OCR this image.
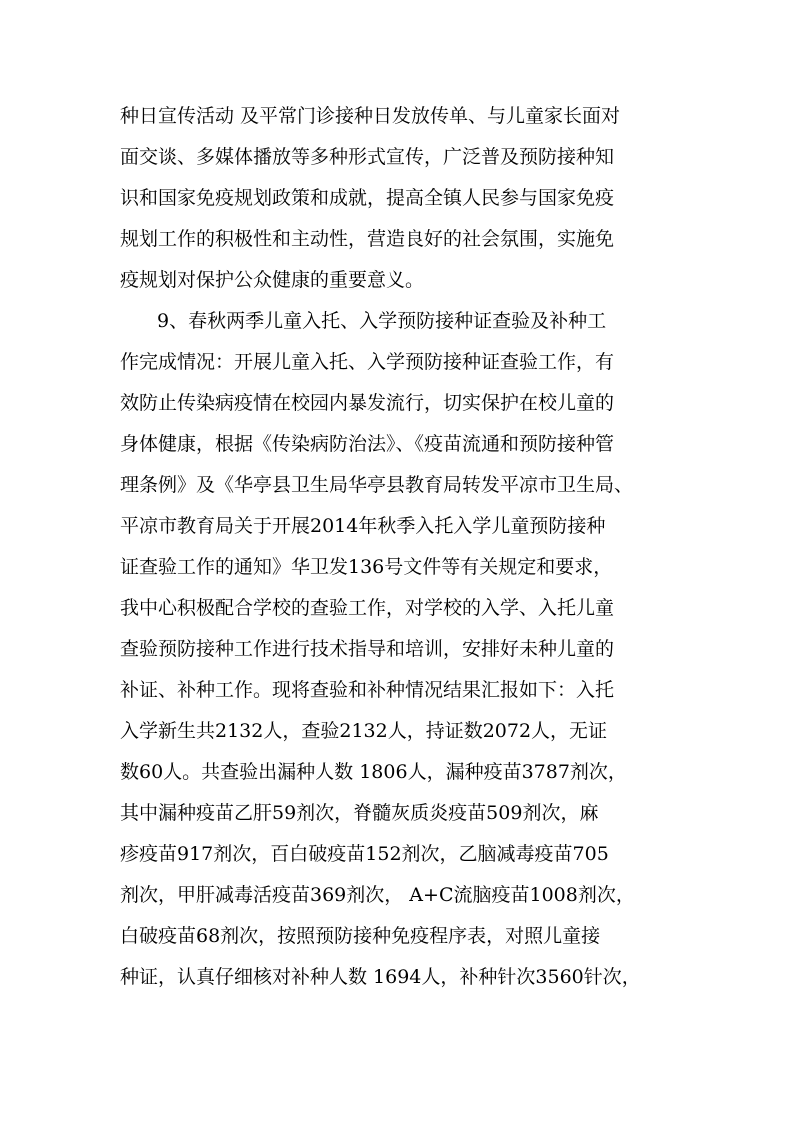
种日宣传活动 及平常门诊接种日发放传单、与儿童家长面对
面交谈、多媒体播放等多种形式宣传，广泛普及预防接种知
识和国家免疫规划政策和成就，提高全镇人民参与国家免疫
规划工作的积极性和主动性，营造良好的社会氛围，实施免
疫规划对保护公众健康的重要意义。
9、春秋两季儿童入托、入学预防接种证查验及补种工
作完成情况：开展儿童入托、入学预防接种证查验工作，有
效防止传染病疫情在校园内暴发流行，切实保护在校儿童的
身体健康，根据《传染病防治法》、《疫苗流通和预防接种管
理条例》及《华亭县卫生局华亭县教育局转发平凉市卫生局、
平凉市教育局关于开展2014年秋季入托入学儿童预防接种
证查验工作的通知》华卫发136号文件等有关规定和要求，
我中心积极配合学校的查验工作，对学校的入学、入托儿童
查验预防接种工作进行技术指导和培训，安排好未种儿童的
补证、补种工作。现将查验和补种情况结果汇报如下：入托
入学新生共2132人，查验2132人，持证数2072人，无证
数60人。共查验出漏种人数 1806人，漏种疫苗3787剂次，
其中漏种疫苗乙肝59剂次，脊髓灰质炎疫苗509剂次，麻
疹疫苗917剂次，百白破疫苗152剂次，乙脑减毒疫苗705
剂次，甲肝减毒活疫苗369剂次， A+C流脑疫苗1008剂次，
白破疫苗68剂次，按照预防接种免疫程序表，对照儿童接
种证，认真仔细核对补种人数 1694人，补种针次3560针次，
